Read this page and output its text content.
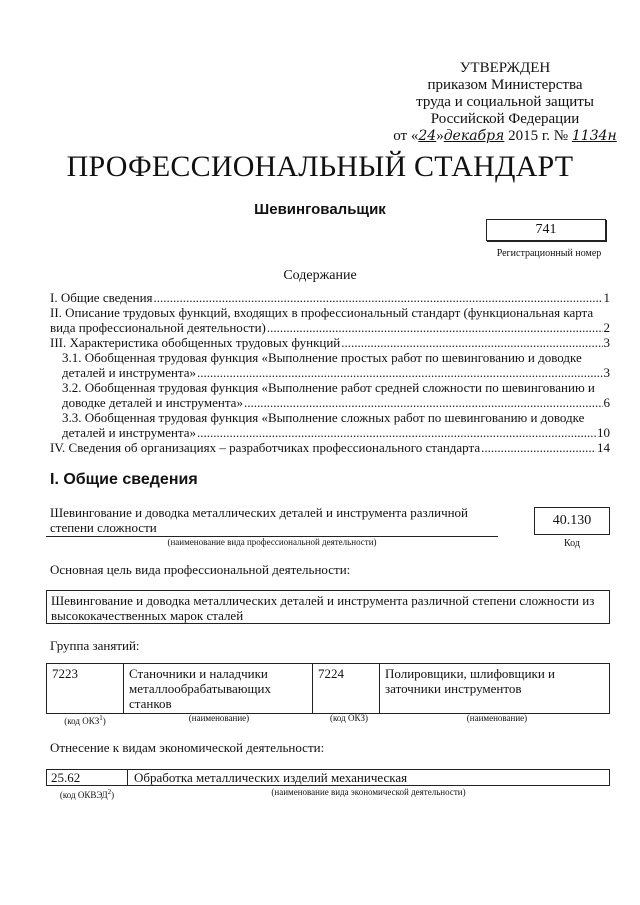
УТВЕРЖДЕН
приказом Министерства
труда и социальной защиты
Российской Федерации
от «24»декабря 2015 г. № 1134н
ПРОФЕССИОНАЛЬНЫЙ СТАНДАРТ
Шевинговальщик
741
Регистрационный номер
Содержание
I. Общие сведения .....	1
II. Описание трудовых функций, входящих в профессиональный стандарт (функциональная карта
вида профессиональной деятельности) .....	2
III. Характеристика обобщенных трудовых функций .....	3
3.1. Обобщенная трудовая функция «Выполнение простых работ по шевингованию и доводке
деталей и инструмента» .....	3
3.2. Обобщенная трудовая функция «Выполнение работ средней сложности по шевингованию и
доводке деталей и инструмента» .....	6
3.3. Обобщенная трудовая функция «Выполнение сложных работ по шевингованию и доводке
деталей и инструмента» .....	10
IV. Сведения об организациях – разработчиках профессионального стандарта .....	14
I. Общие сведения
Шевингование и доводка металлических деталей и инструмента различной
степени сложности
(наименование вида профессиональной деятельности)
40.130
Код
Основная цель вида профессиональной деятельности:
Шевингование и доводка металлических деталей и инструмента различной степени сложности из
высококачественных марок сталей
Группа занятий:
7223	Станочники и наладчики металлообрабатывающих станков	7224	Полировщики, шлифовщики и заточники инструментов
(код ОКЗ$^1$)	(наименование)	(код ОКЗ)	(наименование)
Отнесение к видам экономической деятельности:
25.62	Обработка металлических изделий механическая
(код ОКВЭД$^2$)	(наименование вида экономической деятельности)
